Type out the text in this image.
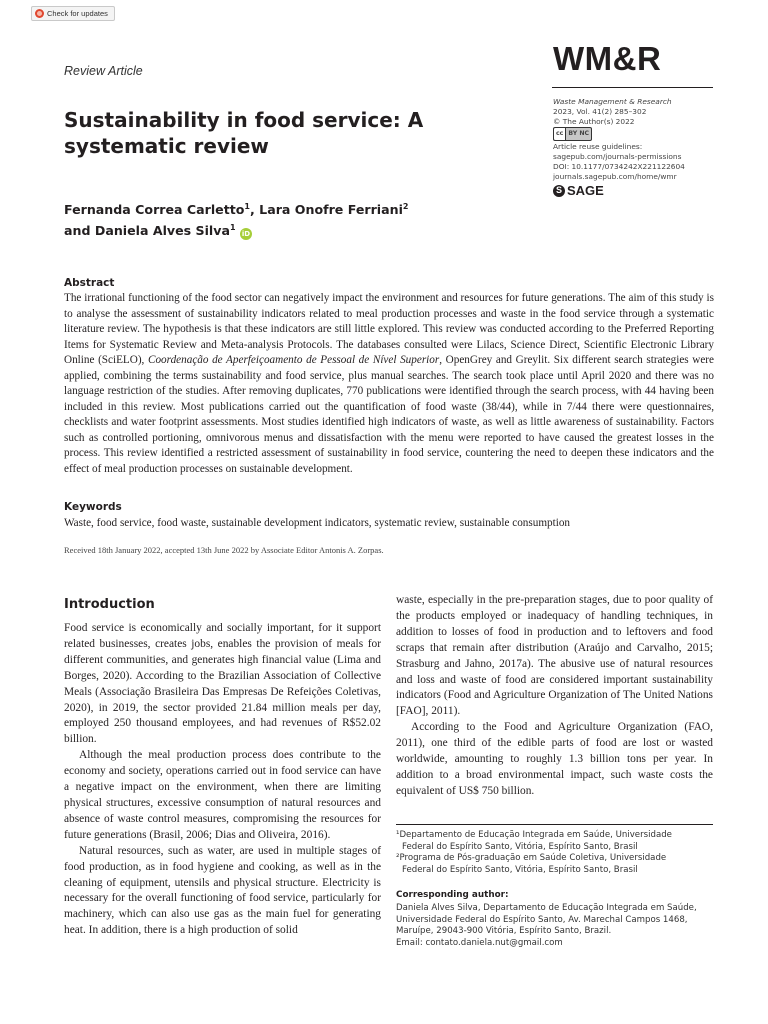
Check for updates
Review Article	WM&R
Waste Management & Research
2023, Vol. 41(2) 285–302
© The Author(s) 2022
cc BY NC
Article reuse guidelines:
sagepub.com/journals-permissions
DOI: 10.1177/0734242X221122604
journals.sagepub.com/home/wmr
S SAGE
Sustainability in food service: A systematic review
Fernanda Correa Carletto$^1$, Lara Onofre Ferriani$^2$
and Daniela Alves Silva$^1$ iD
Abstract
The irrational functioning of the food sector can negatively impact the environment and resources for future generations. The aim of this study is to analyse the assessment of sustainability indicators related to meal production processes and waste in the food service through a systematic literature review. The hypothesis is that these indicators are still little explored. This review was conducted according to the Preferred Reporting Items for Systematic Review and Meta-analysis Protocols. The databases consulted were Lilacs, Science Direct, Scientific Electronic Library Online (SciELO), Coordenação de Aperfeiçoamento de Pessoal de Nível Superior, OpenGrey and Greylit. Six different search strategies were applied, combining the terms sustainability and food service, plus manual searches. The search took place until April 2020 and there was no language restriction of the studies. After removing duplicates, 770 publications were identified through the search process, with 44 having been included in this review. Most publications carried out the quantification of food waste (38/44), while in 7/44 there were questionnaires, checklists and water footprint assessments. Most studies identified high indicators of waste, as well as little awareness of sustainability. Factors such as controlled portioning, omnivorous menus and dissatisfaction with the menu were reported to have caused the greatest losses in the process. This review identified a restricted assessment of sustainability in food service, countering the need to deepen these indicators and the effect of meal production processes on sustainable development.
Keywords
Waste, food service, food waste, sustainable development indicators, systematic review, sustainable consumption
Received 18th January 2022, accepted 13th June 2022 by Associate Editor Antonis A. Zorpas.
Introduction

Food service is economically and socially important, for it support related businesses, creates jobs, enables the provision of meals for different communities, and generates high financial value (Lima and Borges, 2020). According to the Brazilian Association of Collective Meals (Associação Brasileira Das Empresas De Refeições Coletivas, 2020), in 2019, the sector provided 21.84 million meals per day, employed 250 thousand employees, and had revenues of R$52.02 billion.

Although the meal production process does contribute to the economy and society, operations carried out in food service can have a negative impact on the environment, when there are limiting physical structures, excessive consumption of natural resources and absence of waste control measures, compromising the resources for future generations (Brasil, 2006; Dias and Oliveira, 2016).

Natural resources, such as water, are used in multiple stages of food production, as in food hygiene and cooking, as well as in the cleaning of equipment, utensils and physical structure. Electricity is necessary for the overall functioning of food service, particularly for machinery, which can also use gas as the main fuel for generating heat. In addition, there is a high production of solid

waste, especially in the pre-preparation stages, due to poor quality of the products employed or inadequacy of handling techniques, in addition to losses of food in production and to leftovers and food scraps that remain after distribution (Araújo and Carvalho, 2015; Strasburg and Jahno, 2017a). The abusive use of natural resources and loss and waste of food are considered important sustainability indicators (Food and Agriculture Organization of The United Nations [FAO], 2011).

According to the Food and Agriculture Organization (FAO, 2011), one third of the edible parts of food are lost or wasted worldwide, amounting to roughly 1.3 billion tons per year. In addition to a broad environmental impact, such waste costs the equivalent of US$ 750 billion.

¹Departamento de Educação Integrada em Saúde, Universidade
Federal do Espírito Santo, Vitória, Espírito Santo, Brasil
²Programa de Pós-graduação em Saúde Coletiva, Universidade
Federal do Espírito Santo, Vitória, Espírito Santo, Brasil
Corresponding author:
Daniela Alves Silva, Departamento de Educação Integrada em Saúde,
Universidade Federal do Espírito Santo, Av. Marechal Campos 1468,
Maruípe, 29043-900 Vitória, Espírito Santo, Brazil.
Email: contato.daniela.nut@gmail.com
